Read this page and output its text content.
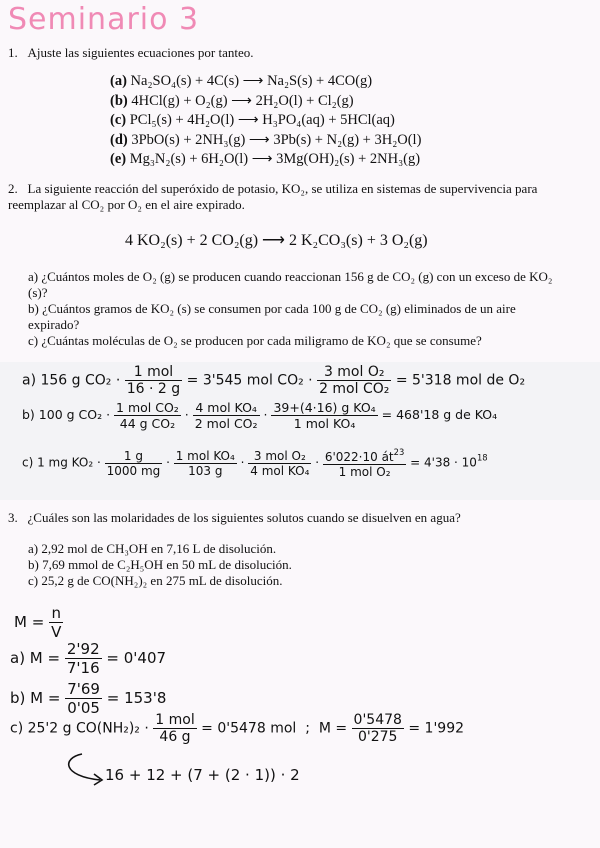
Seminario 3
1. Ajuste las siguientes ecuaciones por tanteo.
(a) Na₂SO₄(s) + 4C(s) ⟶ Na₂S(s) + 4CO(g)
(b) 4HCl(g) + O₂(g) ⟶ 2H₂O(l) + Cl₂(g)
(c) PCl₅(s) + 4H₂O(l) ⟶ H₃PO₄(aq) + 5HCl(aq)
(d) 3PbO(s) + 2NH₃(g) ⟶ 3Pb(s) + N₂(g) + 3H₂O(l)
(e) Mg₃N₂(s) + 6H₂O(l) ⟶ 3Mg(OH)₂(s) + 2NH₃(g)
2. La siguiente reacción del superóxido de potasio, KO₂, se utiliza en sistemas de supervivencia para
reemplazar al CO₂ por O₂ en el aire expirado.
4 KO₂(s) + 2 CO₂(g) ⟶ 2 K₂CO₃(s) + 3 O₂(g)
a) ¿Cuántos moles de O₂ (g) se producen cuando reaccionan 156 g de CO₂ (g) con un exceso de KO₂
(s)?
b) ¿Cuántos gramos de KO₂ (s) se consumen por cada 100 g de CO₂ (g) eliminados de un aire
expirado?
c) ¿Cuántas moléculas de O₂ se producen por cada miligramo de KO₂ que se consume?
a) 156 g $CO_2 \cdot \frac{\text{1 mol}}{16 \cdot 2 g} = 3'545$ mol $CO_2 \cdot \frac{\text{3 mol O₂}}{\text{2 mol CO₂}} = 5'318$ mol de O₂
b) 100 g $CO_2 \cdot \frac{\text{1 mol CO₂}}{\text{44 g CO₂}} \cdot \frac{\text{4 mol KO₄}}{\text{2 mol CO₂}} \cdot \frac{\text{39+(4·16) g KO₄}}{\text{1 mol KO₄}} = 468'18$ g de KO₄
c) 1 mg $KO_2 \cdot \frac{1 g}{1000 mg} \cdot \frac{\text{1 mol KO₄}}{103 g} \cdot \frac{\text{3 mol O₂}}{\text{4 mol KO₄}} \cdot \frac{6'022\cdot 10 át^{23}}{\text{1 mol O₂}} = 4'38 \cdot 10^{18}$
3. ¿Cuáles son las molaridades de los siguientes solutos cuando se disuelven en agua?
a) 2,92 mol de CH₃OH en 7,16 L de disolución.
b) 7,69 mmol de C₂H₅OH en 50 mL de disolución.
c) 25,2 g de CO(NH₂)₂ en 275 mL de disolución.
$M = \frac{n}{V}$
a) $M = \frac{2'92}{7'16} = 0'407$
b) $M = \frac{7'69}{0'05} = 153'8$
c) 25'2 g $CO(NH_2)_2 \cdot \frac{\text{1 mol}}{46 g} = 0'5478$ mol ; $M = \frac{0'5478}{0'275} = 1'992$
16 + 12 + (7 + (2 · 1)) · 2
